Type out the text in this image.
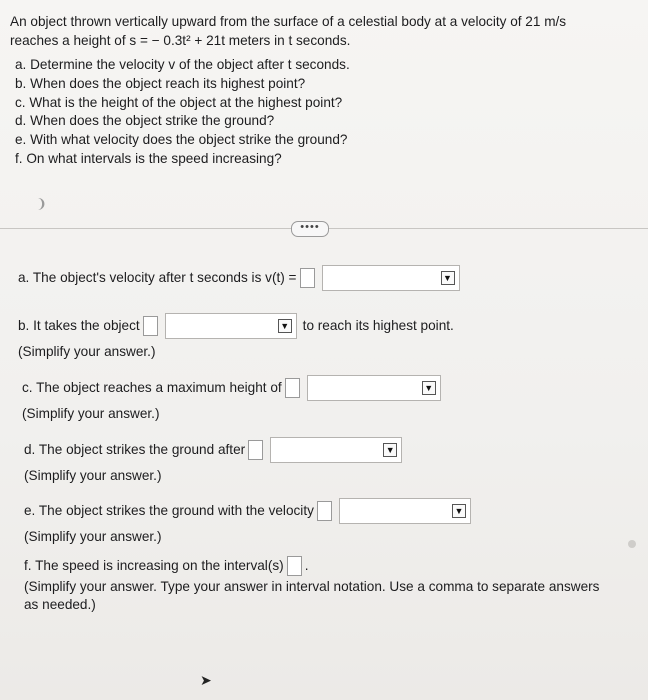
An object thrown vertically upward from the surface of a celestial body at a velocity of 21 m/s
reaches a height of s = − 0.3t² + 21t meters in t seconds.
a. Determine the velocity v of the object after t seconds.
b. When does the object reach its highest point?
c. What is the height of the object at the highest point?
d. When does the object strike the ground?
e. With what velocity does the object strike the ground?
f. On what intervals is the speed increasing?
❩
••••
a. The object's velocity after t seconds is v(t) =	▼
b. It takes the object	▼ to reach its highest point.
(Simplify your answer.)
c. The object reaches a maximum height of	▼
(Simplify your answer.)
d. The object strikes the ground after	▼
(Simplify your answer.)
e. The object strikes the ground with the velocity	▼
(Simplify your answer.)
f. The speed is increasing on the interval(s) .
(Simplify your answer. Type your answer in interval notation. Use a comma to separate answers
as needed.)
➤
